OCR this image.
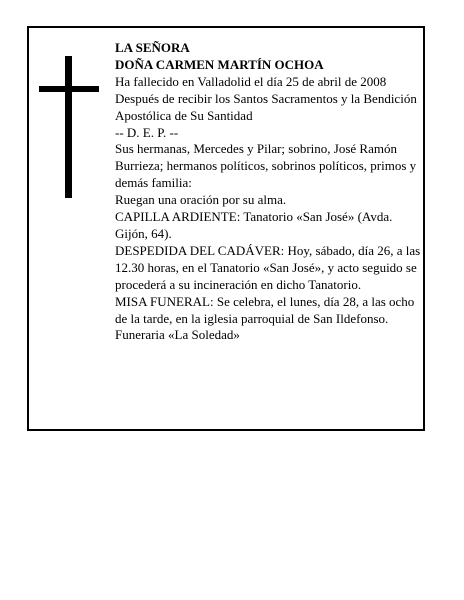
LA SEÑORA

DOÑA CARMEN MARTÍN OCHOA

Ha fallecido en Valladolid el día 25 de abril de 2008

Después de recibir los Santos Sacramentos y la Bendición Apostólica de Su Santidad

-- D. E. P. --

Sus hermanas, Mercedes y Pilar; sobrino, José Ramón Burrieza; hermanos políticos, sobrinos políticos, primos y demás familia:

Ruegan una oración por su alma.

CAPILLA ARDIENTE: Tanatorio «San José» (Avda. Gijón, 64).

DESPEDIDA DEL CADÁVER: Hoy, sábado, día 26, a las 12.30 horas, en el Tanatorio «San José», y acto seguido se procederá a su incineración en dicho Tanatorio.

MISA FUNERAL: Se celebra, el lunes, día 28, a las ocho de la tarde, en la iglesia parroquial de San Ildefonso.

Funeraria «La Soledad»
